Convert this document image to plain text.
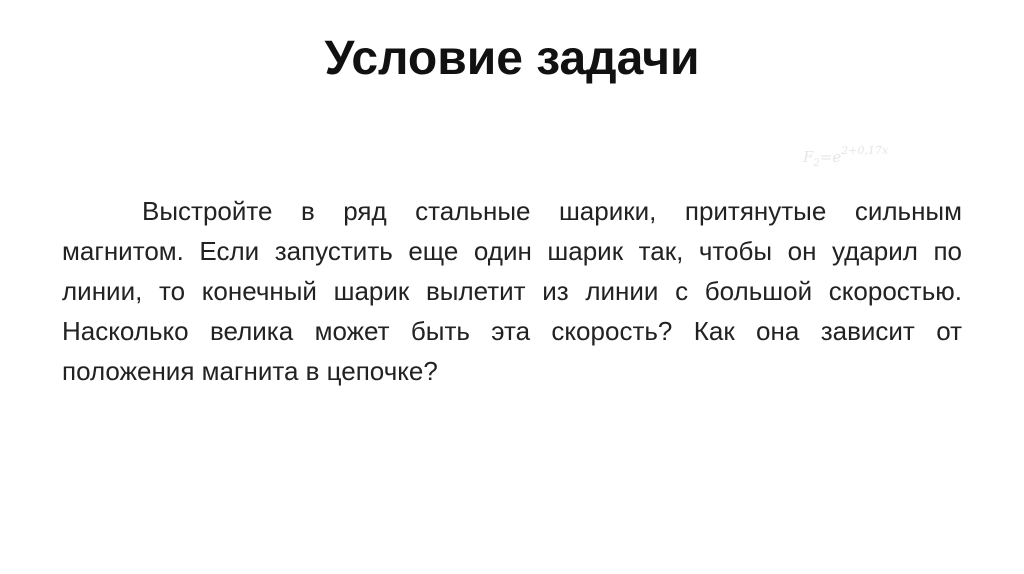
Условие задачи
$F_2=e^{2+0,17x}$

Выстройте в ряд стальные шарики, притянутые сильным магнитом. Если запустить еще один шарик так, чтобы он ударил по линии, то конечный шарик вылетит из линии с большой скоростью. Насколько велика может быть эта скорость? Как она зависит от положения магнита в цепочке?
